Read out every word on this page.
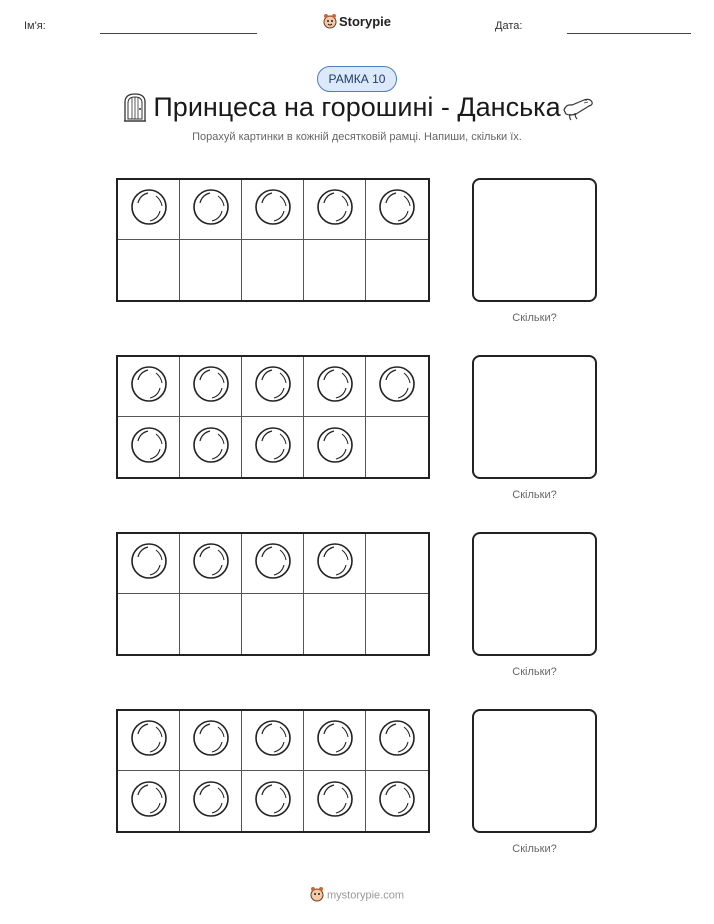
Ім'я:	Storypie	Дата:
РАМКА 10
Принцеса на горошині - Данська
Порахуй картинки в кожній десятковій рамці. Напиши, скільки їх.
Скільки?
Скільки?
Скільки?
Скільки?
mystorypie.com
